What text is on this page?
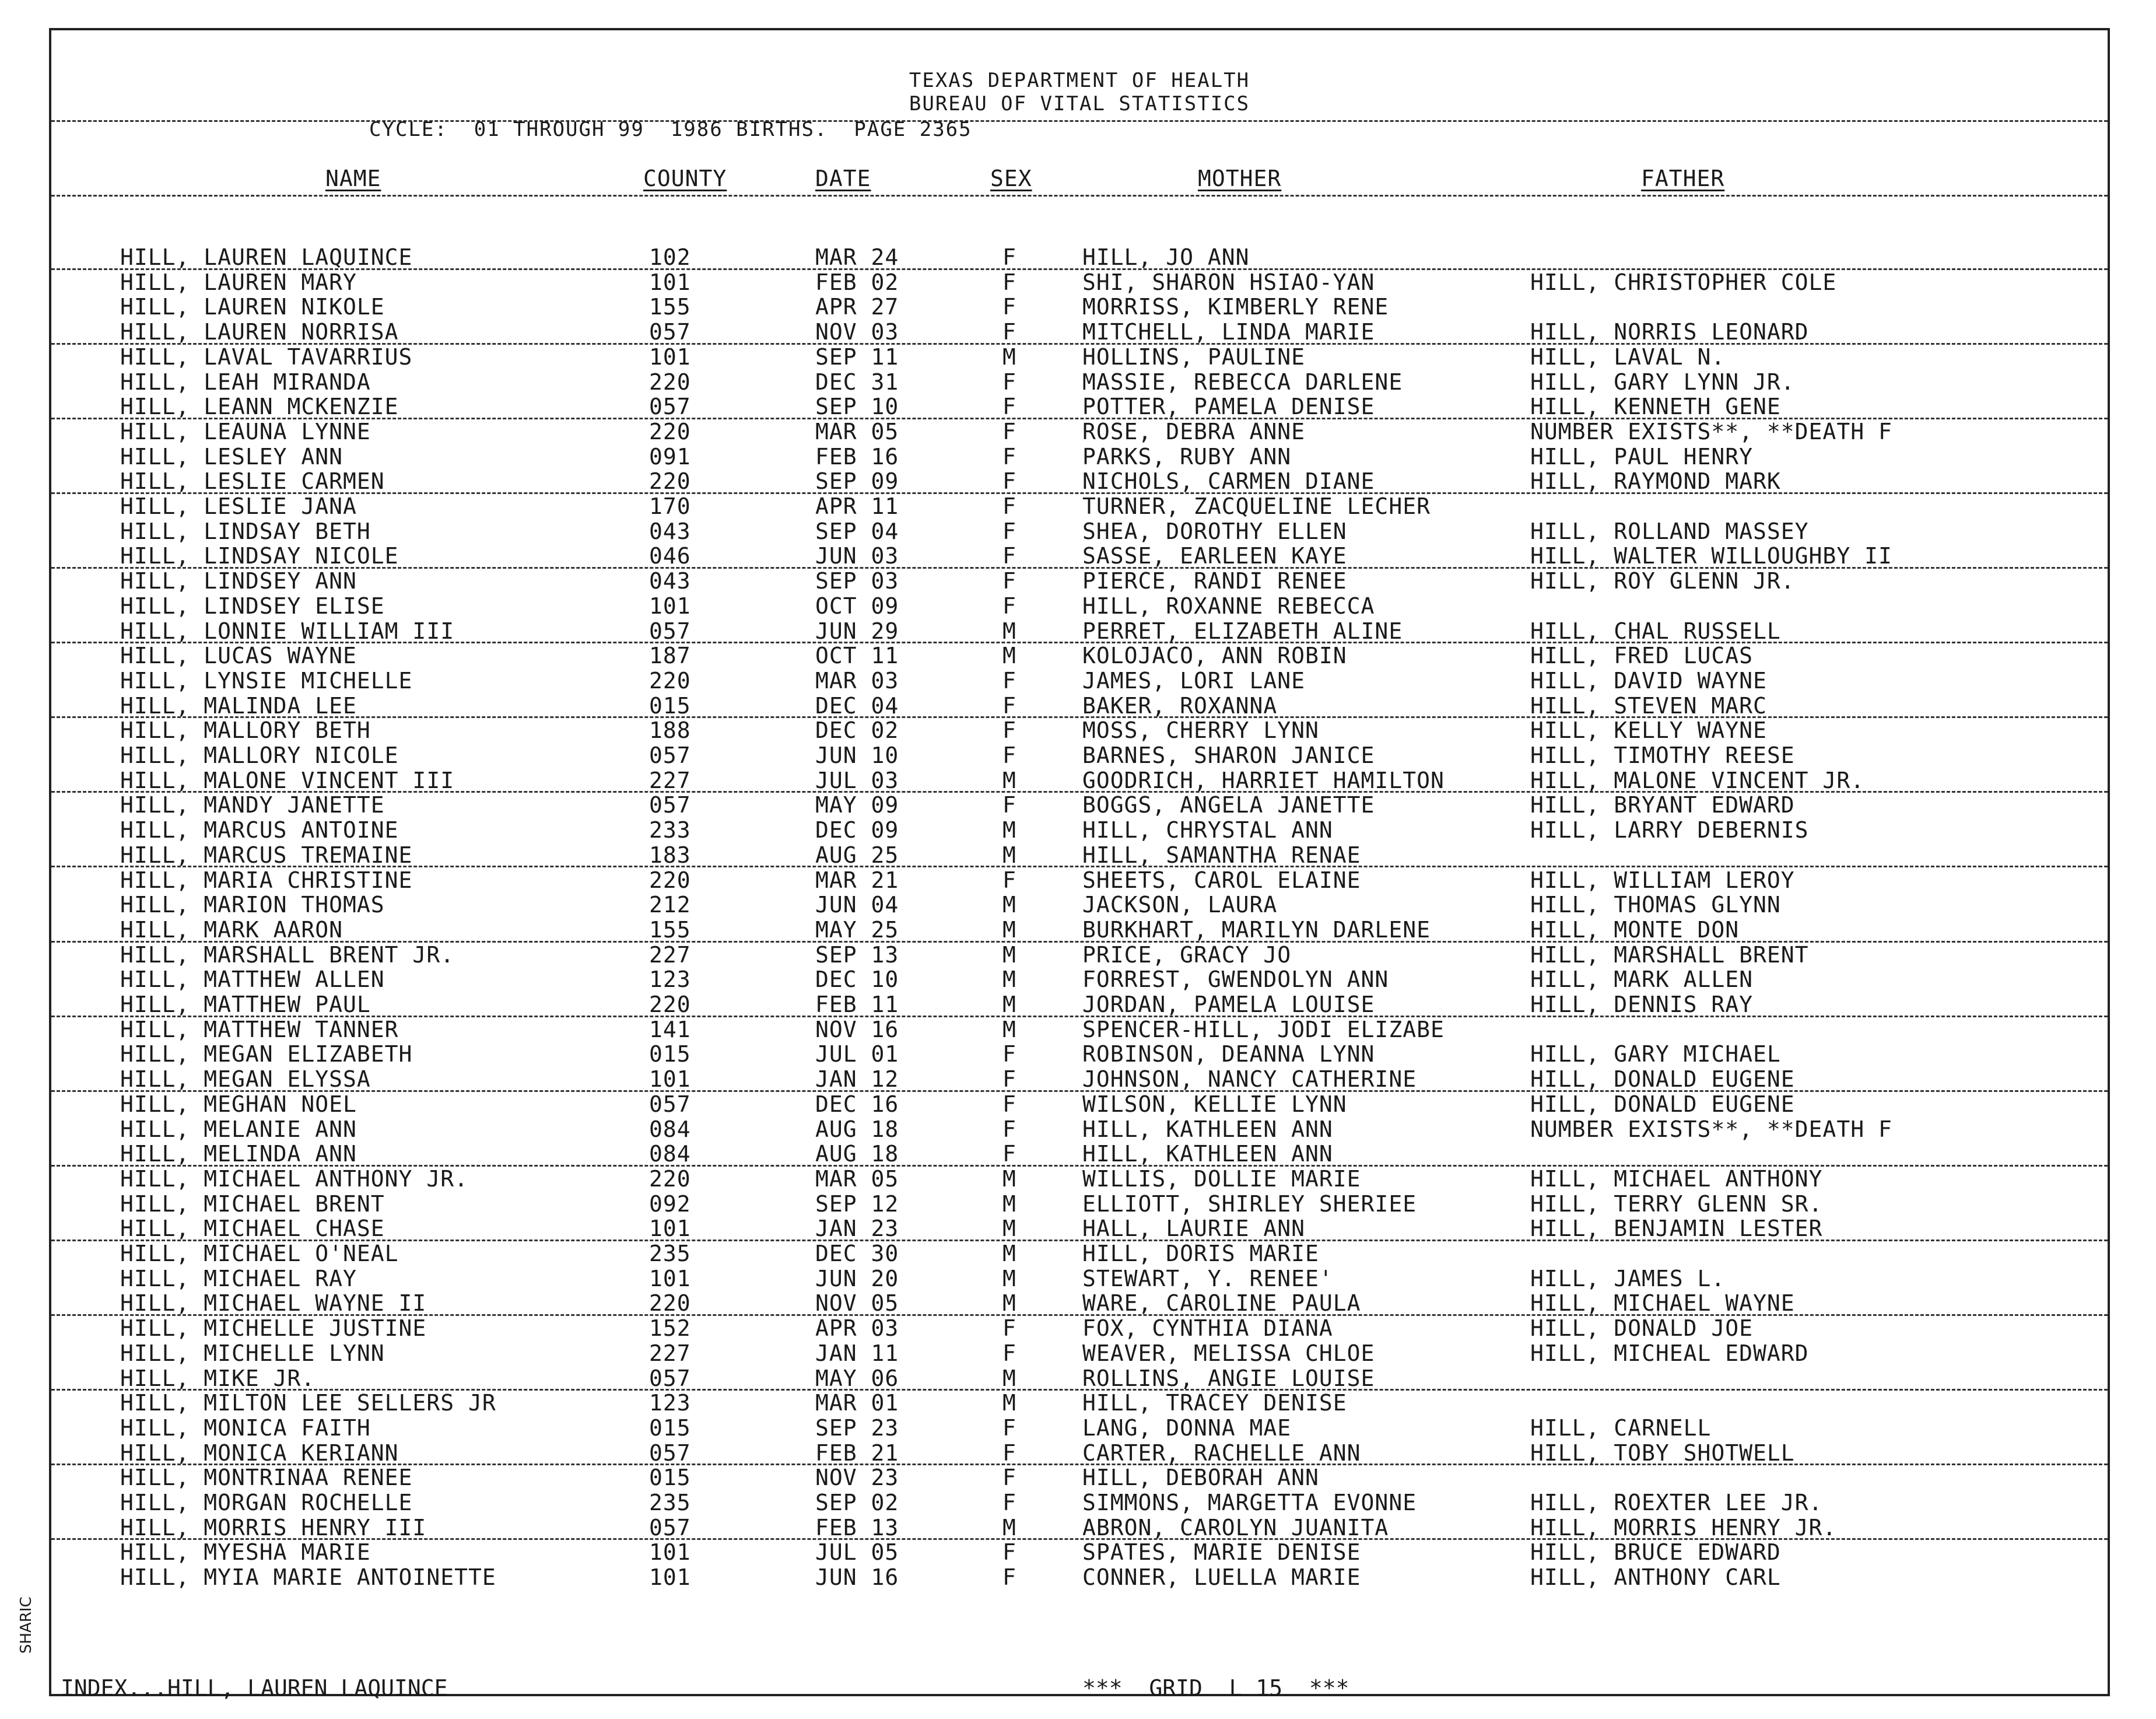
TEXAS DEPARTMENT OF HEALTH
BUREAU OF VITAL STATISTICS
CYCLE:  01 THROUGH 99  1986 BIRTHS.  PAGE 2365
NAME	COUNTY	DATE	SEX	MOTHER	FATHER
HILL, LAUREN LAQUINCE	102	MAR 24	F	HILL, JO ANN
HILL, LAUREN MARY	101	FEB 02	F	SHI, SHARON HSIAO-YAN	HILL, CHRISTOPHER COLE
HILL, LAUREN NIKOLE	155	APR 27	F	MORRISS, KIMBERLY RENE
HILL, LAUREN NORRISA	057	NOV 03	F	MITCHELL, LINDA MARIE	HILL, NORRIS LEONARD
HILL, LAVAL TAVARRIUS	101	SEP 11	M	HOLLINS, PAULINE	HILL, LAVAL N.
HILL, LEAH MIRANDA	220	DEC 31	F	MASSIE, REBECCA DARLENE	HILL, GARY LYNN JR.
HILL, LEANN MCKENZIE	057	SEP 10	F	POTTER, PAMELA DENISE	HILL, KENNETH GENE
HILL, LEAUNA LYNNE	220	MAR 05	F	ROSE, DEBRA ANNE	NUMBER EXISTS**, **DEATH F
HILL, LESLEY ANN	091	FEB 16	F	PARKS, RUBY ANN	HILL, PAUL HENRY
HILL, LESLIE CARMEN	220	SEP 09	F	NICHOLS, CARMEN DIANE	HILL, RAYMOND MARK
HILL, LESLIE JANA	170	APR 11	F	TURNER, ZACQUELINE LECHER
HILL, LINDSAY BETH	043	SEP 04	F	SHEA, DOROTHY ELLEN	HILL, ROLLAND MASSEY
HILL, LINDSAY NICOLE	046	JUN 03	F	SASSE, EARLEEN KAYE	HILL, WALTER WILLOUGHBY II
HILL, LINDSEY ANN	043	SEP 03	F	PIERCE, RANDI RENEE	HILL, ROY GLENN JR.
HILL, LINDSEY ELISE	101	OCT 09	F	HILL, ROXANNE REBECCA
HILL, LONNIE WILLIAM III	057	JUN 29	M	PERRET, ELIZABETH ALINE	HILL, CHAL RUSSELL
HILL, LUCAS WAYNE	187	OCT 11	M	KOLOJACO, ANN ROBIN	HILL, FRED LUCAS
HILL, LYNSIE MICHELLE	220	MAR 03	F	JAMES, LORI LANE	HILL, DAVID WAYNE
HILL, MALINDA LEE	015	DEC 04	F	BAKER, ROXANNA	HILL, STEVEN MARC
HILL, MALLORY BETH	188	DEC 02	F	MOSS, CHERRY LYNN	HILL, KELLY WAYNE
HILL, MALLORY NICOLE	057	JUN 10	F	BARNES, SHARON JANICE	HILL, TIMOTHY REESE
HILL, MALONE VINCENT III	227	JUL 03	M	GOODRICH, HARRIET HAMILTON	HILL, MALONE VINCENT JR.
HILL, MANDY JANETTE	057	MAY 09	F	BOGGS, ANGELA JANETTE	HILL, BRYANT EDWARD
HILL, MARCUS ANTOINE	233	DEC 09	M	HILL, CHRYSTAL ANN	HILL, LARRY DEBERNIS
HILL, MARCUS TREMAINE	183	AUG 25	M	HILL, SAMANTHA RENAE
HILL, MARIA CHRISTINE	220	MAR 21	F	SHEETS, CAROL ELAINE	HILL, WILLIAM LEROY
HILL, MARION THOMAS	212	JUN 04	M	JACKSON, LAURA	HILL, THOMAS GLYNN
HILL, MARK AARON	155	MAY 25	M	BURKHART, MARILYN DARLENE	HILL, MONTE DON
HILL, MARSHALL BRENT JR.	227	SEP 13	M	PRICE, GRACY JO	HILL, MARSHALL BRENT
HILL, MATTHEW ALLEN	123	DEC 10	M	FORREST, GWENDOLYN ANN	HILL, MARK ALLEN
HILL, MATTHEW PAUL	220	FEB 11	M	JORDAN, PAMELA LOUISE	HILL, DENNIS RAY
HILL, MATTHEW TANNER	141	NOV 16	M	SPENCER-HILL, JODI ELIZABE
HILL, MEGAN ELIZABETH	015	JUL 01	F	ROBINSON, DEANNA LYNN	HILL, GARY MICHAEL
HILL, MEGAN ELYSSA	101	JAN 12	F	JOHNSON, NANCY CATHERINE	HILL, DONALD EUGENE
HILL, MEGHAN NOEL	057	DEC 16	F	WILSON, KELLIE LYNN	HILL, DONALD EUGENE
HILL, MELANIE ANN	084	AUG 18	F	HILL, KATHLEEN ANN	NUMBER EXISTS**, **DEATH F
HILL, MELINDA ANN	084	AUG 18	F	HILL, KATHLEEN ANN
HILL, MICHAEL ANTHONY JR.	220	MAR 05	M	WILLIS, DOLLIE MARIE	HILL, MICHAEL ANTHONY
HILL, MICHAEL BRENT	092	SEP 12	M	ELLIOTT, SHIRLEY SHERIEE	HILL, TERRY GLENN SR.
HILL, MICHAEL CHASE	101	JAN 23	M	HALL, LAURIE ANN	HILL, BENJAMIN LESTER
HILL, MICHAEL O'NEAL	235	DEC 30	M	HILL, DORIS MARIE
HILL, MICHAEL RAY	101	JUN 20	M	STEWART, Y. RENEE'	HILL, JAMES L.
HILL, MICHAEL WAYNE II	220	NOV 05	M	WARE, CAROLINE PAULA	HILL, MICHAEL WAYNE
HILL, MICHELLE JUSTINE	152	APR 03	F	FOX, CYNTHIA DIANA	HILL, DONALD JOE
HILL, MICHELLE LYNN	227	JAN 11	F	WEAVER, MELISSA CHLOE	HILL, MICHEAL EDWARD
HILL, MIKE JR.	057	MAY 06	M	ROLLINS, ANGIE LOUISE
HILL, MILTON LEE SELLERS JR	123	MAR 01	M	HILL, TRACEY DENISE
HILL, MONICA FAITH	015	SEP 23	F	LANG, DONNA MAE	HILL, CARNELL
HILL, MONICA KERIANN	057	FEB 21	F	CARTER, RACHELLE ANN	HILL, TOBY SHOTWELL
HILL, MONTRINAA RENEE	015	NOV 23	F	HILL, DEBORAH ANN
HILL, MORGAN ROCHELLE	235	SEP 02	F	SIMMONS, MARGETTA EVONNE	HILL, ROEXTER LEE JR.
HILL, MORRIS HENRY III	057	FEB 13	M	ABRON, CAROLYN JUANITA	HILL, MORRIS HENRY JR.
HILL, MYESHA MARIE	101	JUL 05	F	SPATES, MARIE DENISE	HILL, BRUCE EDWARD
HILL, MYIA MARIE ANTOINETTE	101	JUN 16	F	CONNER, LUELLA MARIE	HILL, ANTHONY CARL
INDEX...HILL, LAUREN LAQUINCE	***  GRID  L 15  ***
SHARIC
